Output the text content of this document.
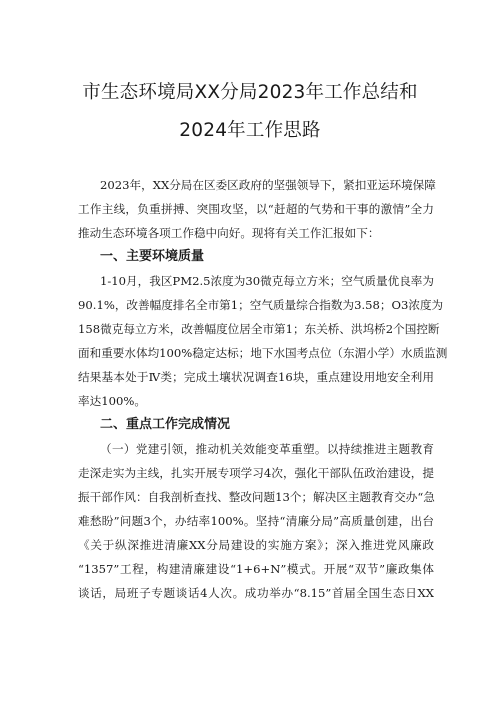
市生态环境局XX分局2023年工作总结和
2024年工作思路
2023年，XX分局在区委区政府的坚强领导下，紧扣亚运环境保障
工作主线，负重拼搏、突围攻坚，以“赶超的气势和干事的激情”全力
推动生态环境各项工作稳中向好。现将有关工作汇报如下：
一、主要环境质量
1-10月，我区PM2.5浓度为30微克每立方米；空气质量优良率为
90.1%，改善幅度排名全市第1；空气质量综合指数为3.58；O3浓度为
158微克每立方米，改善幅度位居全市第1；东关桥、洪坞桥2个国控断
面和重要水体均100%稳定达标；地下水国考点位（东湄小学）水质监测
结果基本处于Ⅳ类；完成土壤状况调查16块，重点建设用地安全利用
率达100%。
二、重点工作完成情况
（一）党建引领，推动机关效能变革重塑。以持续推进主题教育
走深走实为主线，扎实开展专项学习4次，强化干部队伍政治建设，提
振干部作风：自我剖析查找、整改问题13个；解决区主题教育交办“急
难愁盼”问题3个，办结率100%。坚持“清廉分局”高质量创建，出台
《关于纵深推进清廉XX分局建设的实施方案》；深入推进党风廉政
“1357”工程，构建清廉建设“1+6+N”模式。开展“双节”廉政集体
谈话，局班子专题谈话4人次。成功举办“8.15”首届全国生态日XX
